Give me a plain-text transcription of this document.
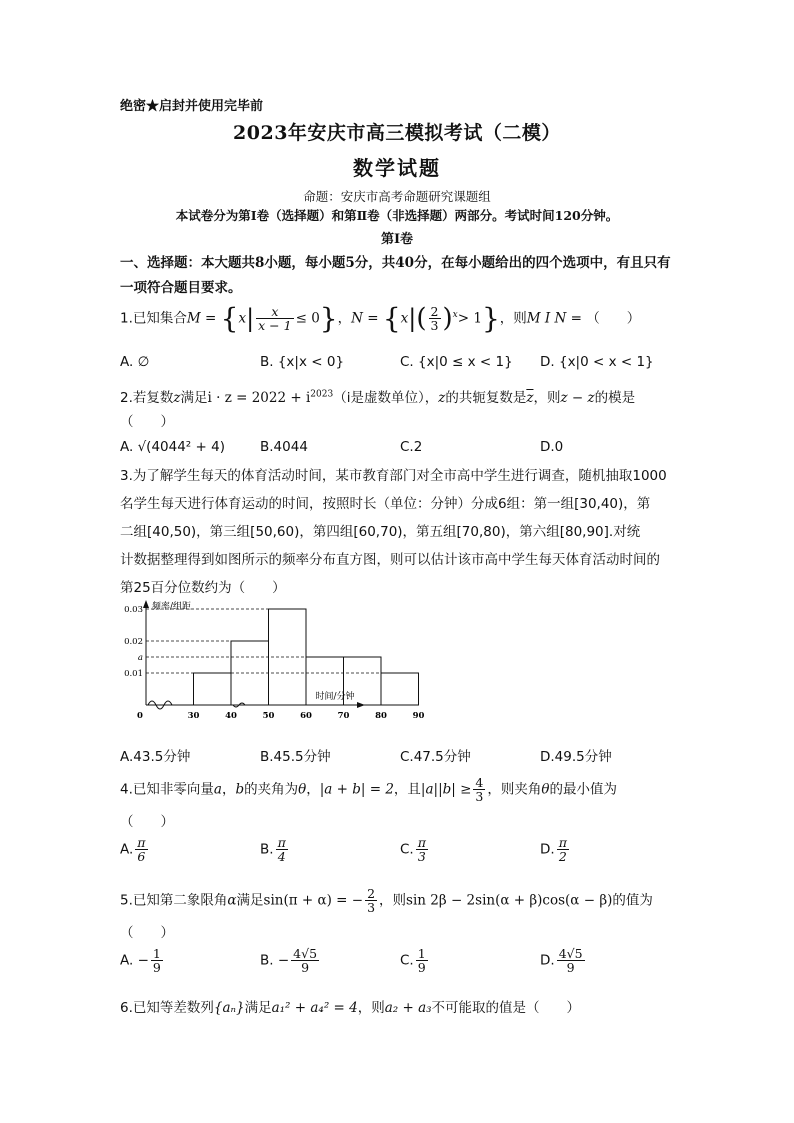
绝密★启封并使用完毕前
2023年安庆市高三模拟考试（二模）
数学试题
命题：安庆市高考命题研究课题组
本试卷分为第Ⅰ卷（选择题）和第Ⅱ卷（非选择题）两部分。考试时间120分钟。
第Ⅰ卷
一、选择题：本大题共8小题，每小题5分，共40分，在每小题给出的四个选项中，有且只有一项符合题目要求。
1.已知集合$M = \{x| \frac{x}{x - 1} \le 0\}$，$N = \{x|( \frac{2}{3} )^x> 1\}$，则M I N = （　　）
A. ∅	B. {x|x < 0}	C. {x|0 ≤ x < 1} D. {x|0 < x < 1}
2.若复数z满足$i \cdot z = 2022 + i^{2023}(i$是虚数单位），z的共轭复数是$\overline{z}$，则z − z的模是
（　　）
A. √(4044² + 4)	B.4044	C.2	D.0
3.为了解学生每天的体育活动时间，某市教育部门对全市高中学生进行调查，随机抽取1000
名学生每天进行体育运动的时间，按照时长（单位：分钟）分成6组：第一组[30,40)，第
二组[40,50)，第三组[50,60)，第四组[60,70)，第五组[70,80)，第六组[80,90].对统
计数据整理得到如图所示的频率分布直方图，则可以估计该市高中学生每天体育活动时间的
第25百分位数约为（　　）
0.03
0.02
a
0.01
0	30	40	50	60	70	80	90
频率/组距
时间/分钟
A.43.5分钟	B.45.5分钟	C.47.5分钟	D.49.5分钟
4.已知非零向量a，b的夹角为θ，|a + b| = 2，且$|a||b| \ge \frac{4}{3}$ ，则夹角θ的最小值为
（　　）
A. $\frac{\pi}{6}$	B. $\frac{\pi}{4}$	C. $\frac{\pi}{3}$	D. $\frac{\pi}{2}$
5.已知第二象限角α满足sin(π + α) = − $\frac{2}{3}$ ，则sin 2β − 2sin(α + β)cos(α − β)的值为
（　　）
A. − $\frac{1}{9}$	B. − $\frac{4√5}{9}$	C. $\frac{1}{9}$	D. $\frac{4√5}{9}$
6.已知等差数列{aₙ}满足a₁² + a₄² = 4，则a₂ + a₃不可能取的值是（　　）
